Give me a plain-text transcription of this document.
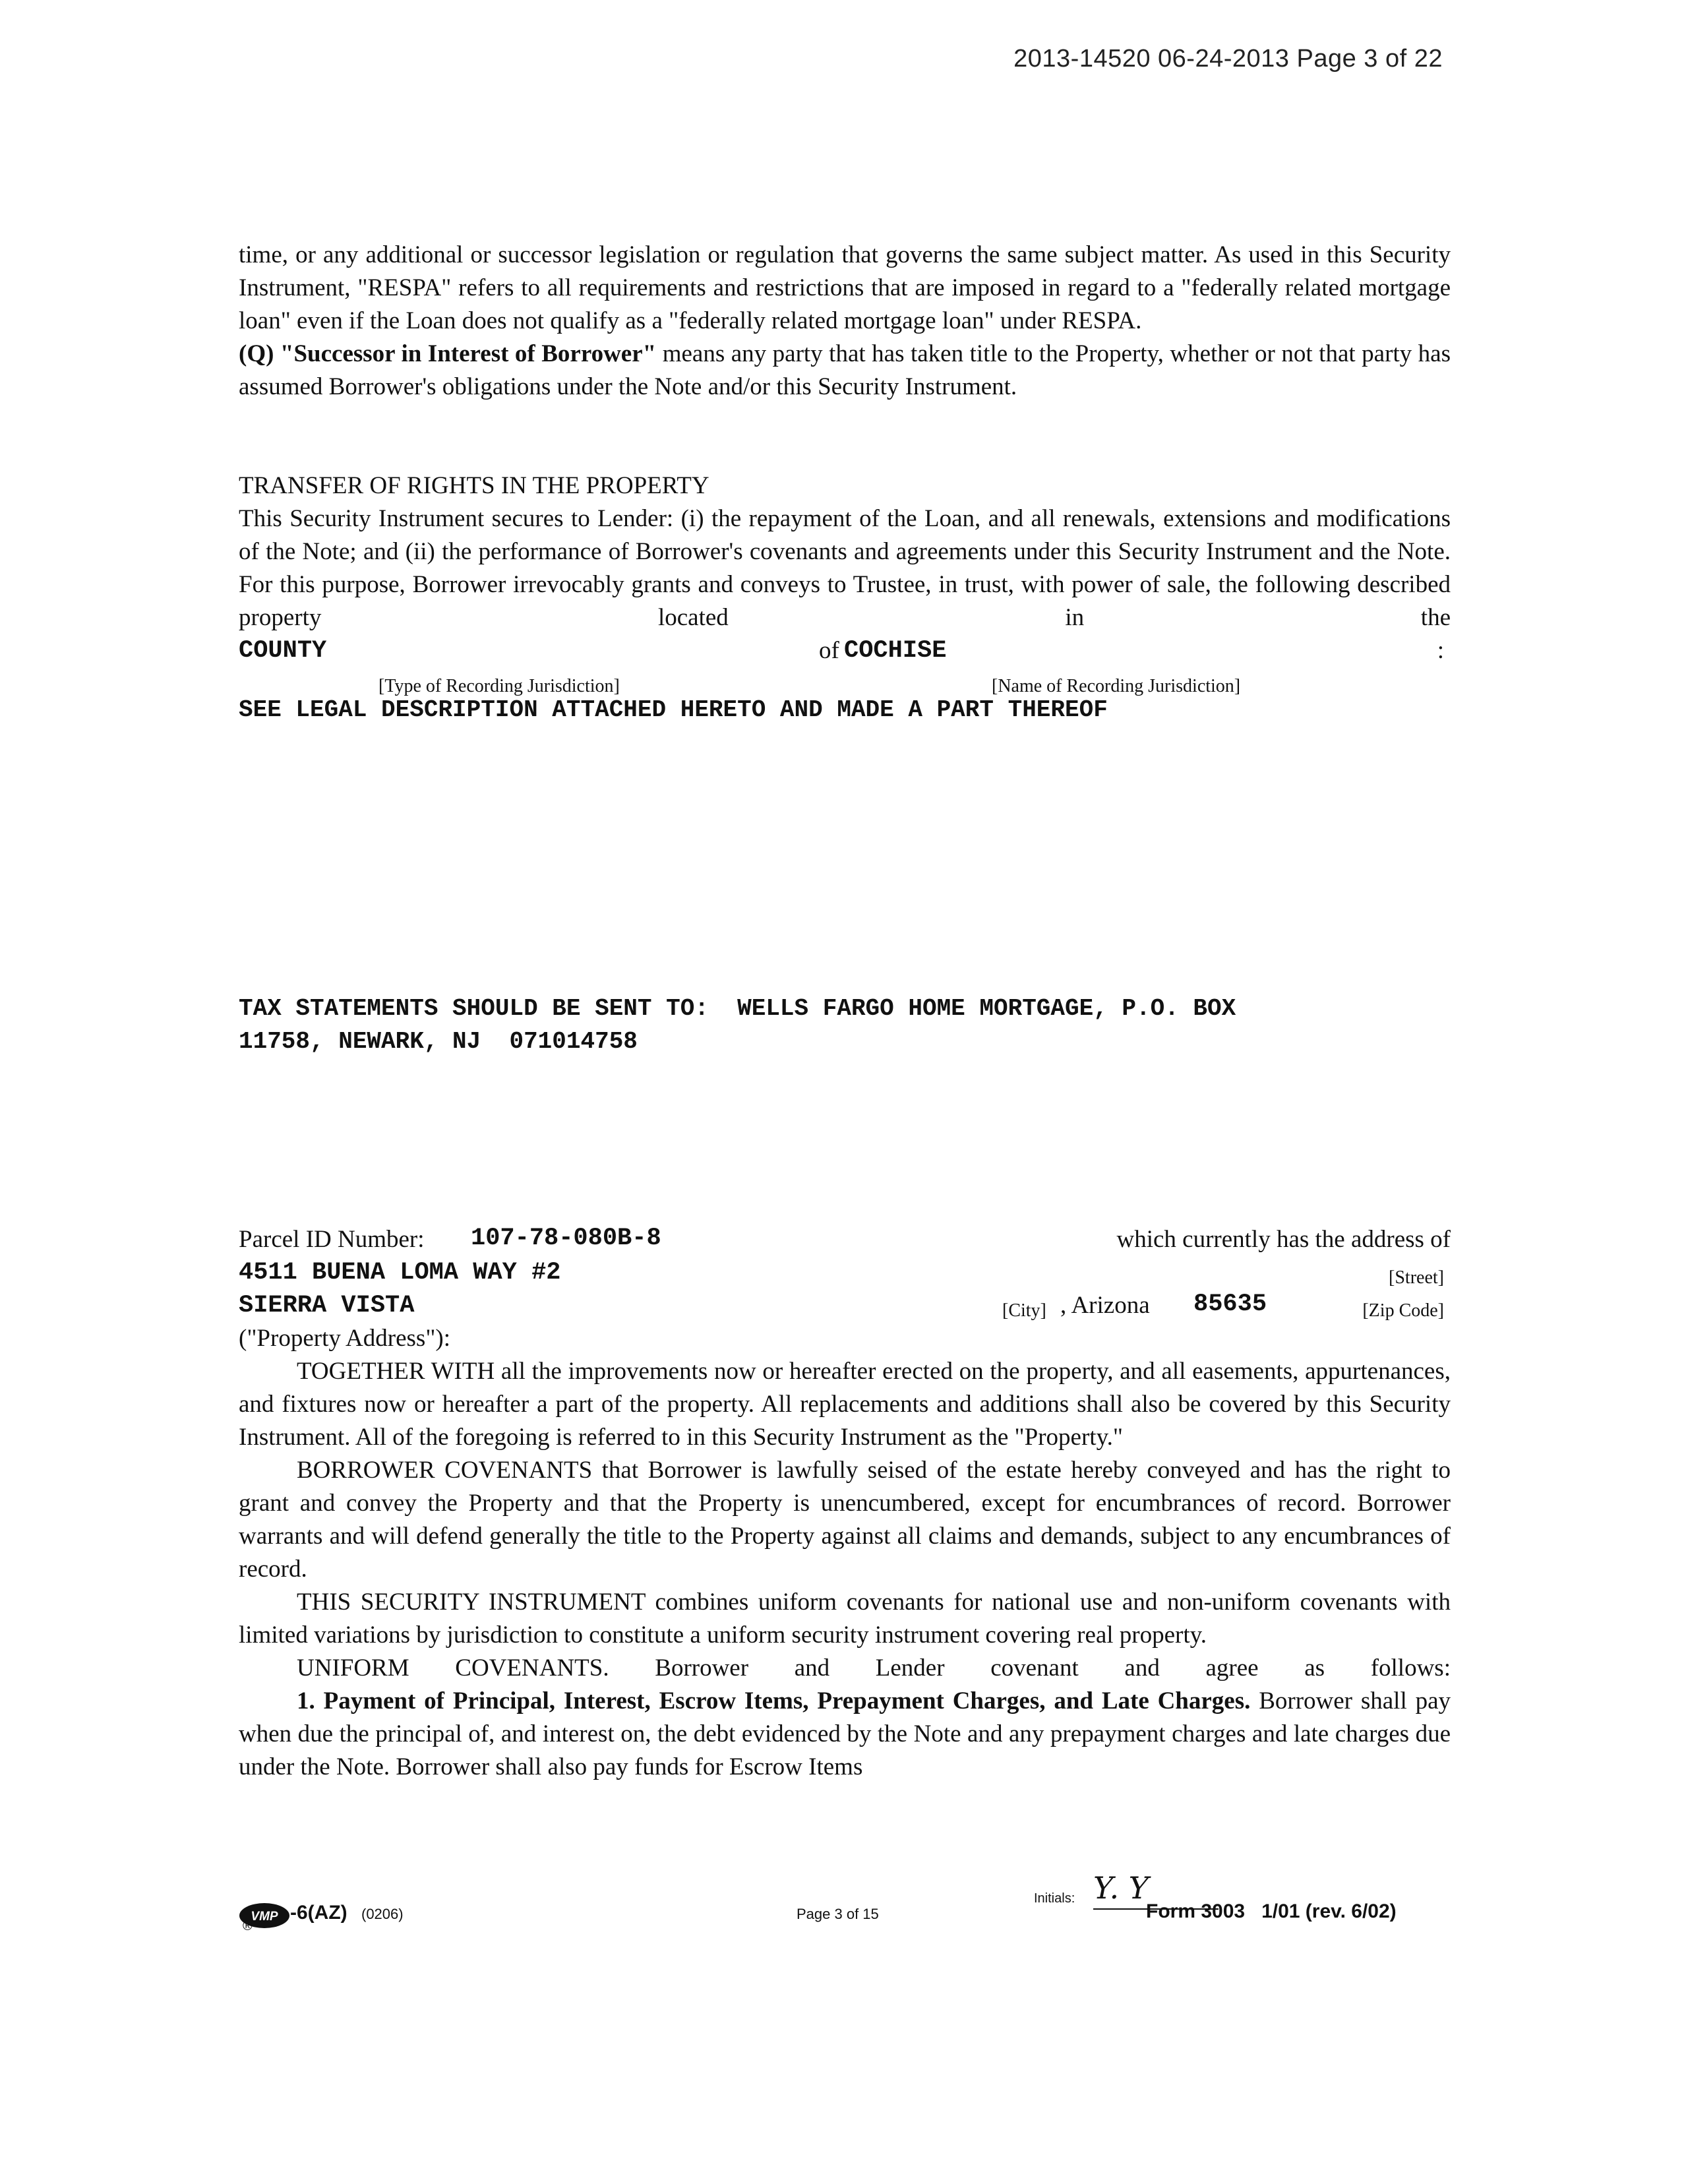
2013-14520 06-24-2013 Page 3 of 22

time, or any additional or successor legislation or regulation that governs the same subject matter. As used in this Security Instrument, "RESPA" refers to all requirements and restrictions that are imposed in regard to a "federally related mortgage loan" even if the Loan does not qualify as a "federally related mortgage loan" under RESPA.

(Q) "Successor in Interest of Borrower" means any party that has taken title to the Property, whether or not that party has assumed Borrower's obligations under the Note and/or this Security Instrument.

TRANSFER OF RIGHTS IN THE PROPERTY

This Security Instrument secures to Lender: (i) the repayment of the Loan, and all renewals, extensions and modifications of the Note; and (ii) the performance of Borrower's covenants and agreements under this Security Instrument and the Note. For this purpose, Borrower irrevocably grants and conveys to Trustee, in trust, with power of sale, the following described property located in the

COUNTY	of COCHISE	:
[Type of Recording Jurisdiction]	[Name of Recording Jurisdiction]

SEE LEGAL DESCRIPTION ATTACHED HERETO AND MADE A PART THEREOF

TAX STATEMENTS SHOULD BE SENT TO:  WELLS FARGO HOME MORTGAGE, P.O. BOX

11758, NEWARK, NJ  071014758

Parcel ID Number: 107-78-080B-8	which currently has the address of
4511 BUENA LOMA WAY #2	[Street]
SIERRA VISTA	[City] , Arizona 85635	[Zip Code]

("Property Address"):

TOGETHER WITH all the improvements now or hereafter erected on the property, and all easements, appurtenances, and fixtures now or hereafter a part of the property. All replacements and additions shall also be covered by this Security Instrument. All of the foregoing is referred to in this Security Instrument as the "Property."

BORROWER COVENANTS that Borrower is lawfully seised of the estate hereby conveyed and has the right to grant and convey the Property and that the Property is unencumbered, except for encumbrances of record. Borrower warrants and will defend generally the title to the Property against all claims and demands, subject to any encumbrances of record.

THIS SECURITY INSTRUMENT combines uniform covenants for national use and non-uniform covenants with limited variations by jurisdiction to constitute a uniform security instrument covering real property.

UNIFORM COVENANTS. Borrower and Lender covenant and agree as follows:

1. Payment of Principal, Interest, Escrow Items, Prepayment Charges, and Late Charges. Borrower shall pay when due the principal of, and interest on, the debt evidenced by the Note and any prepayment charges and late charges due under the Note. Borrower shall also pay funds for Escrow Items

VMP
®
-6(AZ) (0206)	Page 3 of 15
Initials: Y. Y
Form 3003   1/01 (rev. 6/02)
